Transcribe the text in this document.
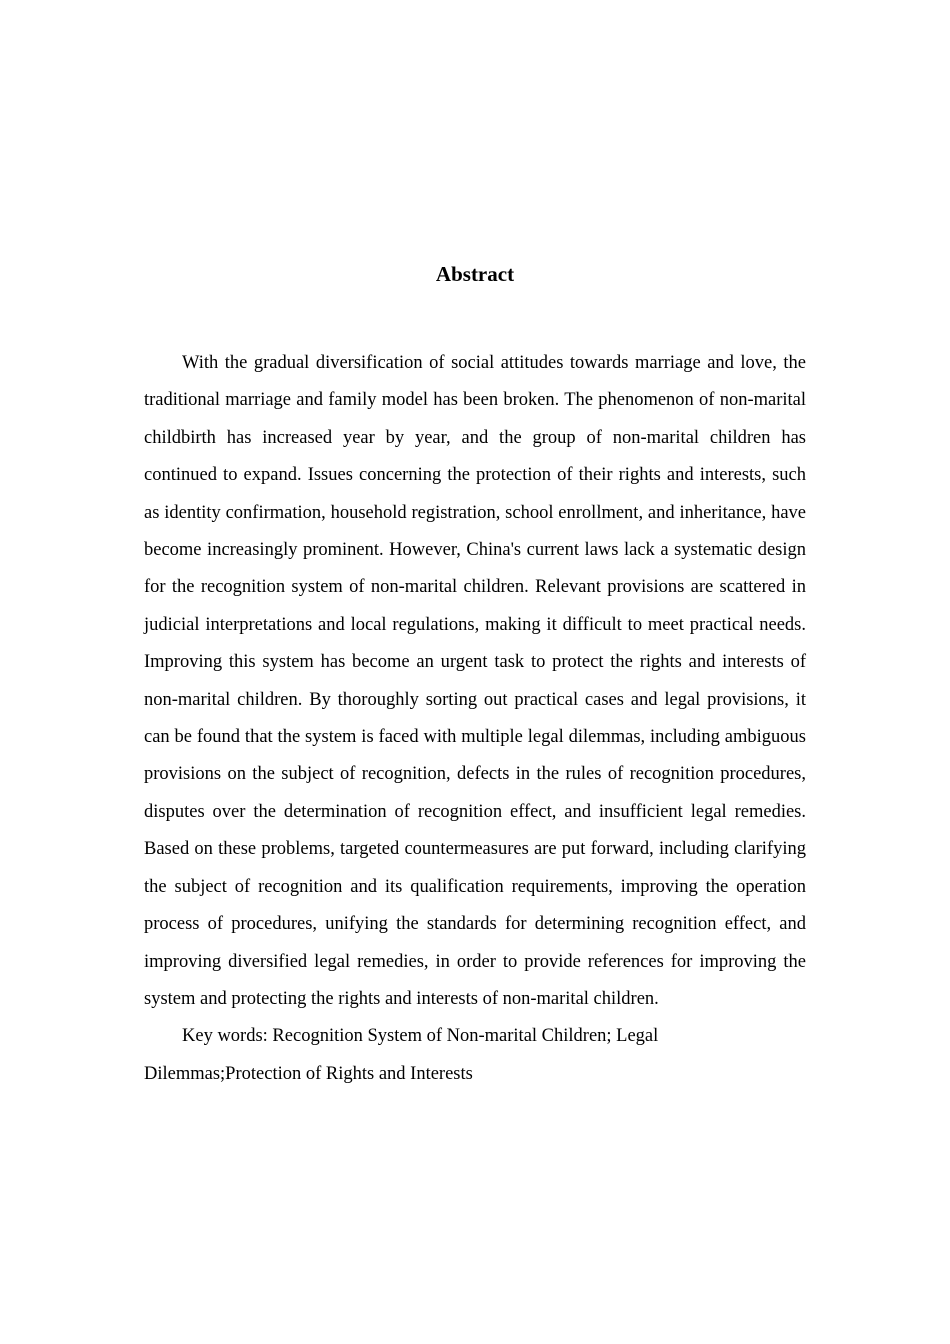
Abstract

With the gradual diversification of social attitudes towards marriage and love, the traditional marriage and family model has been broken. The phenomenon of non-marital childbirth has increased year by year, and the group of non-marital children has continued to expand. Issues concerning the protection of their rights and interests, such as identity confirmation, household registration, school enrollment, and inheritance, have become increasingly prominent. However, China's current laws lack a systematic design for the recognition system of non-marital children. Relevant provisions are scattered in judicial interpretations and local regulations, making it difficult to meet practical needs. Improving this system has become an urgent task to protect the rights and interests of non-marital children. By thoroughly sorting out practical cases and legal provisions, it can be found that the system is faced with multiple legal dilemmas, including ambiguous provisions on the subject of recognition, defects in the rules of recognition procedures, disputes over the determination of recognition effect, and insufficient legal remedies. Based on these problems, targeted countermeasures are put forward, including clarifying the subject of recognition and its qualification requirements, improving the operation process of procedures, unifying the standards for determining recognition effect, and improving diversified legal remedies, in order to provide references for improving the system and protecting the rights and interests of non-marital children.

Key words: Recognition System of Non-marital Children; Legal Dilemmas;Protection of Rights and Interests
